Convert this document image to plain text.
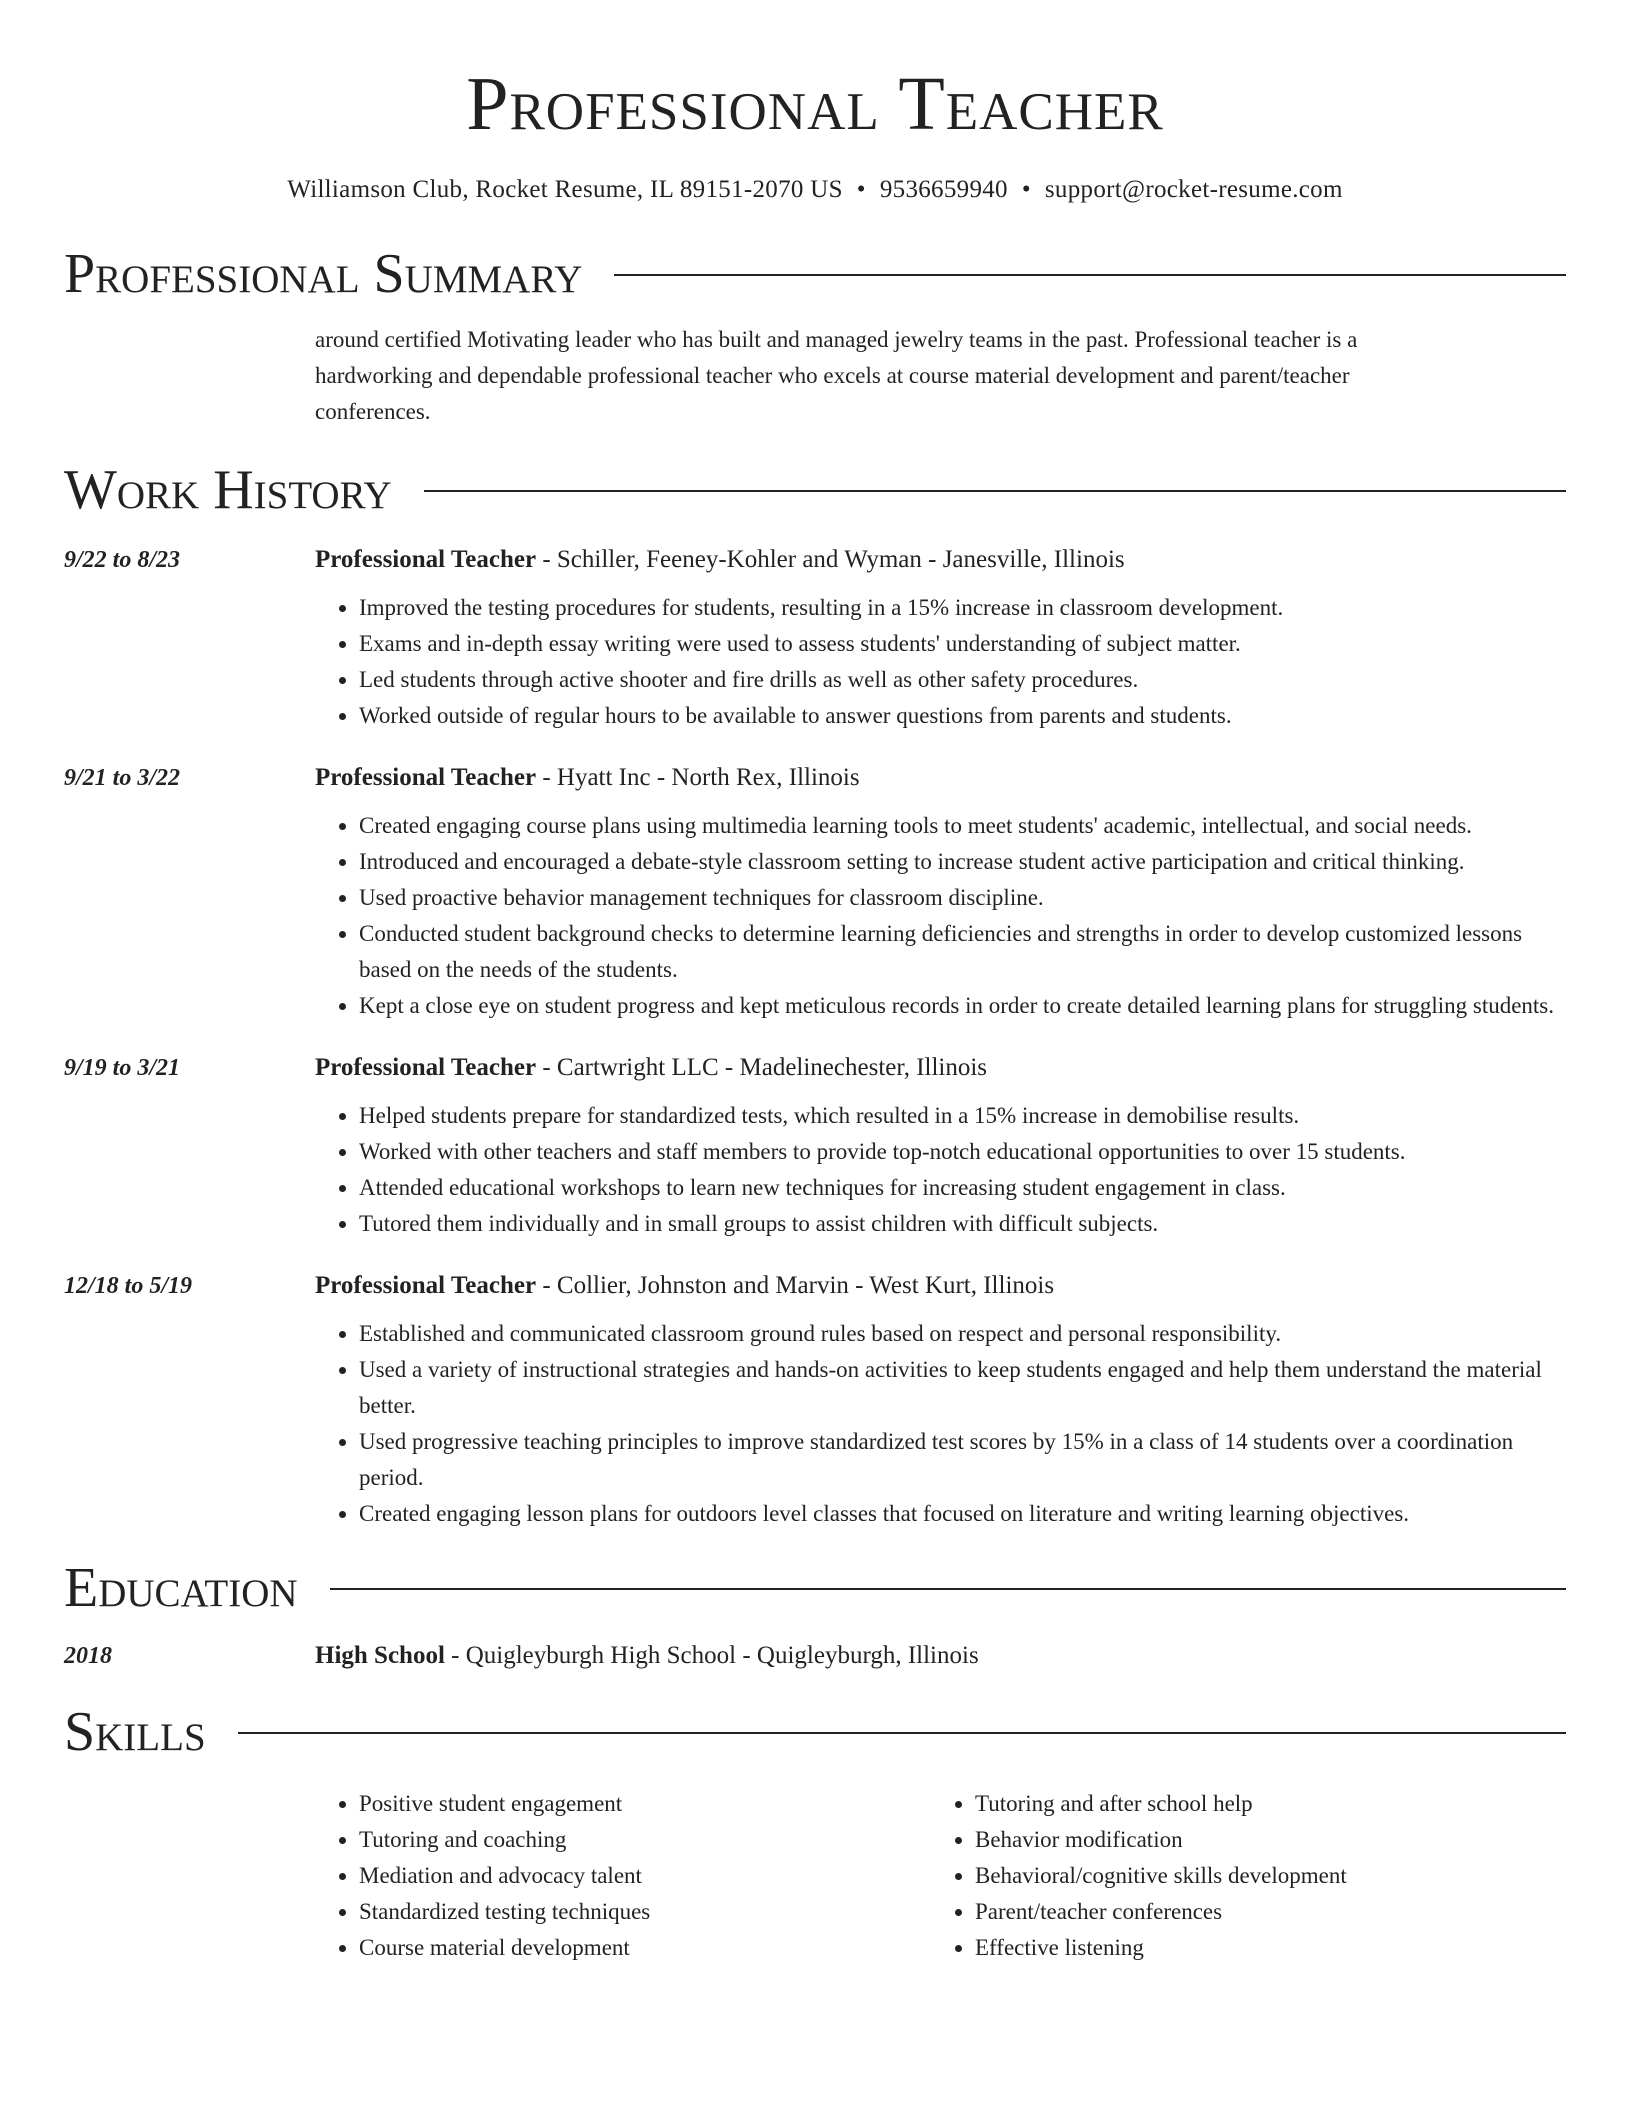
Professional Teacher
Williamson Club, Rocket Resume, IL 89151-2070 US • 9536659940 • support@rocket-resume.com
Professional Summary
around certified Motivating leader who has built and managed jewelry teams in the past. Professional teacher is a hardworking and dependable professional teacher who excels at course material development and parent/teacher conferences.
Work History
9/22 to 8/23	Professional Teacher - Schiller, Feeney-Kohler and Wyman - Janesville, Illinois
• Improved the testing procedures for students, resulting in a 15% increase in classroom development.
• Exams and in-depth essay writing were used to assess students' understanding of subject matter.
• Led students through active shooter and fire drills as well as other safety procedures.
• Worked outside of regular hours to be available to answer questions from parents and students.
9/21 to 3/22	Professional Teacher - Hyatt Inc - North Rex, Illinois
• Created engaging course plans using multimedia learning tools to meet students' academic, intellectual, and social needs.
• Introduced and encouraged a debate-style classroom setting to increase student active participation and critical thinking.
• Used proactive behavior management techniques for classroom discipline.
• Conducted student background checks to determine learning deficiencies and strengths in order to develop customized lessons based on the needs of the students.
• Kept a close eye on student progress and kept meticulous records in order to create detailed learning plans for struggling students.
9/19 to 3/21	Professional Teacher - Cartwright LLC - Madelinechester, Illinois
• Helped students prepare for standardized tests, which resulted in a 15% increase in demobilise results.
• Worked with other teachers and staff members to provide top-notch educational opportunities to over 15 students.
• Attended educational workshops to learn new techniques for increasing student engagement in class.
• Tutored them individually and in small groups to assist children with difficult subjects.
12/18 to 5/19	Professional Teacher - Collier, Johnston and Marvin - West Kurt, Illinois
• Established and communicated classroom ground rules based on respect and personal responsibility.
• Used a variety of instructional strategies and hands-on activities to keep students engaged and help them understand the material better.
• Used progressive teaching principles to improve standardized test scores by 15% in a class of 14 students over a coordination period.
• Created engaging lesson plans for outdoors level classes that focused on literature and writing learning objectives.
Education
2018	High School - Quigleyburgh High School - Quigleyburgh, Illinois
Skills
• Positive student engagement
• Tutoring and coaching
• Mediation and advocacy talent
• Standardized testing techniques
• Course material development
• Tutoring and after school help
• Behavior modification
• Behavioral/cognitive skills development
• Parent/teacher conferences
• Effective listening
